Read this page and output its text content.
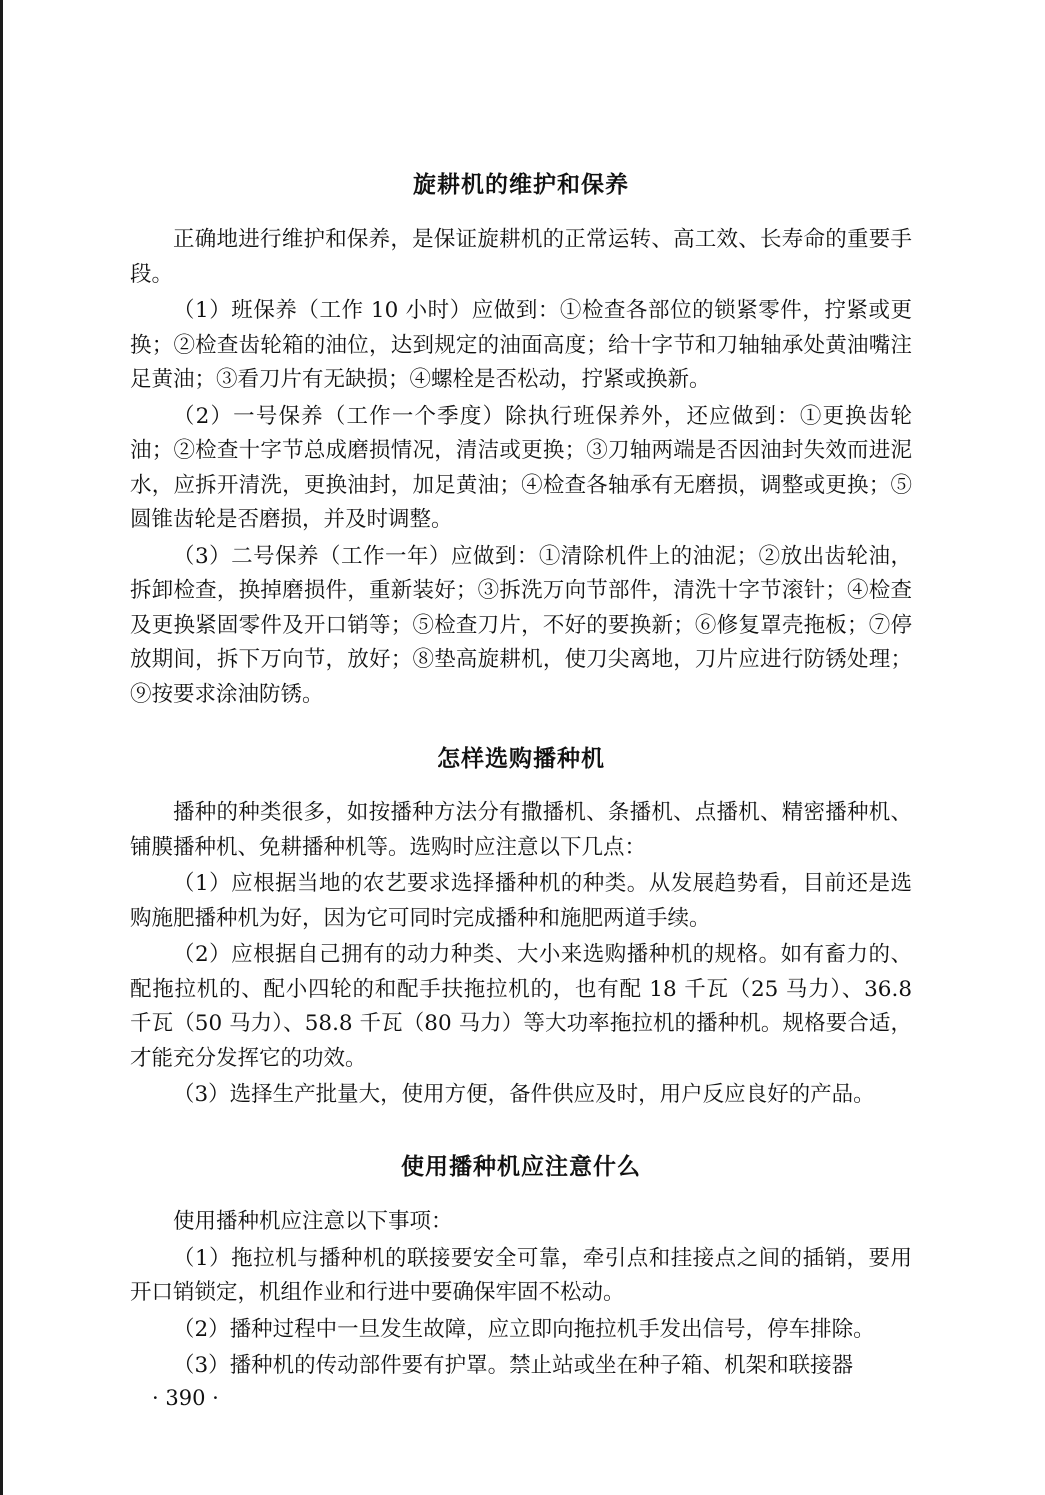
旋耕机的维护和保养

正确地进行维护和保养，是保证旋耕机的正常运转、高工效、长寿命的重要手段。

（1）班保养（工作 10 小时）应做到：①检查各部位的锁紧零件，拧紧或更换；②检查齿轮箱的油位，达到规定的油面高度；给十字节和刀轴轴承处黄油嘴注足黄油；③看刀片有无缺损；④螺栓是否松动，拧紧或换新。

（2）一号保养（工作一个季度）除执行班保养外，还应做到：①更换齿轮油；②检查十字节总成磨损情况，清洁或更换；③刀轴两端是否因油封失效而进泥水，应拆开清洗，更换油封，加足黄油；④检查各轴承有无磨损，调整或更换；⑤圆锥齿轮是否磨损，并及时调整。

（3）二号保养（工作一年）应做到：①清除机件上的油泥；②放出齿轮油，拆卸检查，换掉磨损件，重新装好；③拆洗万向节部件，清洗十字节滚针；④检查及更换紧固零件及开口销等；⑤检查刀片，不好的要换新；⑥修复罩壳拖板；⑦停放期间，拆下万向节，放好；⑧垫高旋耕机，使刀尖离地，刀片应进行防锈处理；⑨按要求涂油防锈。

怎样选购播种机

播种的种类很多，如按播种方法分有撒播机、条播机、点播机、精密播种机、铺膜播种机、免耕播种机等。选购时应注意以下几点：

（1）应根据当地的农艺要求选择播种机的种类。从发展趋势看，目前还是选购施肥播种机为好，因为它可同时完成播种和施肥两道手续。

（2）应根据自己拥有的动力种类、大小来选购播种机的规格。如有畜力的、配拖拉机的、配小四轮的和配手扶拖拉机的，也有配 18 千瓦（25 马力）、36.8 千瓦（50 马力）、58.8 千瓦（80 马力）等大功率拖拉机的播种机。规格要合适，才能充分发挥它的功效。

（3）选择生产批量大，使用方便，备件供应及时，用户反应良好的产品。

使用播种机应注意什么

使用播种机应注意以下事项：

（1）拖拉机与播种机的联接要安全可靠，牵引点和挂接点之间的插销，要用开口销锁定，机组作业和行进中要确保牢固不松动。

（2）播种过程中一旦发生故障，应立即向拖拉机手发出信号，停车排除。

（3）播种机的传动部件要有护罩。禁止站或坐在种子箱、机架和联接器

· 390 ·
